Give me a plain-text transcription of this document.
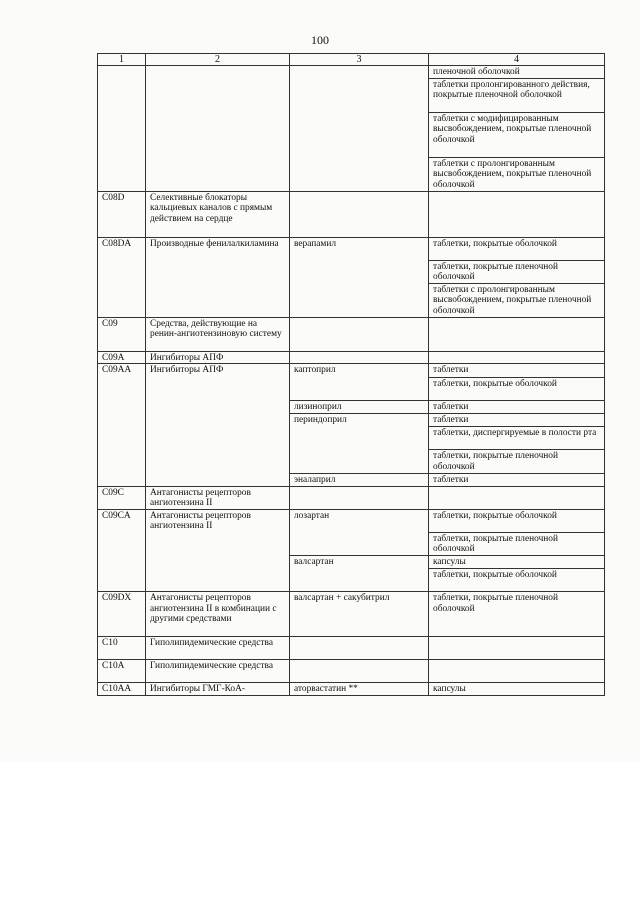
100
1	2	3	4
			пленочной оболочкой
			таблетки пролонгированного действия, покрытые пленочной оболочкой
			таблетки с модифицированным высвобождением, покрытые пленочной оболочкой
			таблетки с пролонгированным высвобождением, покрытые пленочной оболочкой
C08D	Селективные блокаторы кальциевых каналов с прямым действием на сердце		
C08DA	Производные фенилалкиламина	верапамил	таблетки, покрытые оболочкой
			таблетки, покрытые пленочной оболочкой
			таблетки с пролонгированным высвобождением, покрытые пленочной оболочкой
C09	Средства, действующие на ренин-ангиотензиновую систему		
C09A	Ингибиторы АПФ		
C09AA	Ингибиторы АПФ	каптоприл	таблетки
			таблетки, покрытые оболочкой
		лизиноприл	таблетки
		периндоприл	таблетки
			таблетки, диспергируемые в полости рта
			таблетки, покрытые пленочной оболочкой
		эналаприл	таблетки
C09C	Антагонисты рецепторов ангиотензина II		
C09CA	Антагонисты рецепторов ангиотензина II	лозартан	таблетки, покрытые оболочкой
			таблетки, покрытые пленочной оболочкой
		валсартан	капсулы
			таблетки, покрытые оболочкой
C09DX	Антагонисты рецепторов ангиотензина II в комбинации с другими средствами	валсартан + сакубитрил	таблетки, покрытые пленочной оболочкой
C10	Гиполипидемические средства		
C10A	Гиполипидемические средства		
C10AA	Ингибиторы ГМГ-КоА-	аторвастатин **	капсулы
